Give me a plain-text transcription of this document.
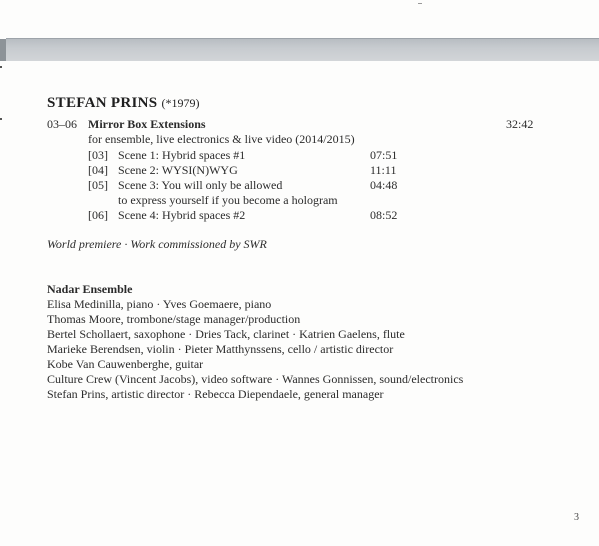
STEFAN PRINS (*1979)
03–06 Mirror Box Extensions	32:42
for ensemble, live electronics & live video (2014/2015)
[03] Scene 1: Hybrid spaces #1	07:51
[04] Scene 2: WYSI(N)WYG	11:11
[05] Scene 3: You will only be allowed	04:48
to express yourself if you become a hologram
[06] Scene 4: Hybrid spaces #2	08:52
World premiere · Work commissioned by SWR
Nadar Ensemble
Elisa Medinilla, piano · Yves Goemaere, piano
Thomas Moore, trombone/stage manager/production
Bertel Schollaert, saxophone · Dries Tack, clarinet · Katrien Gaelens, flute
Marieke Berendsen, violin · Pieter Matthynssens, cello / artistic director
Kobe Van Cauwenberghe, guitar
Culture Crew (Vincent Jacobs), video software · Wannes Gonnissen, sound/electronics
Stefan Prins, artistic director · Rebecca Diependaele, general manager
3
